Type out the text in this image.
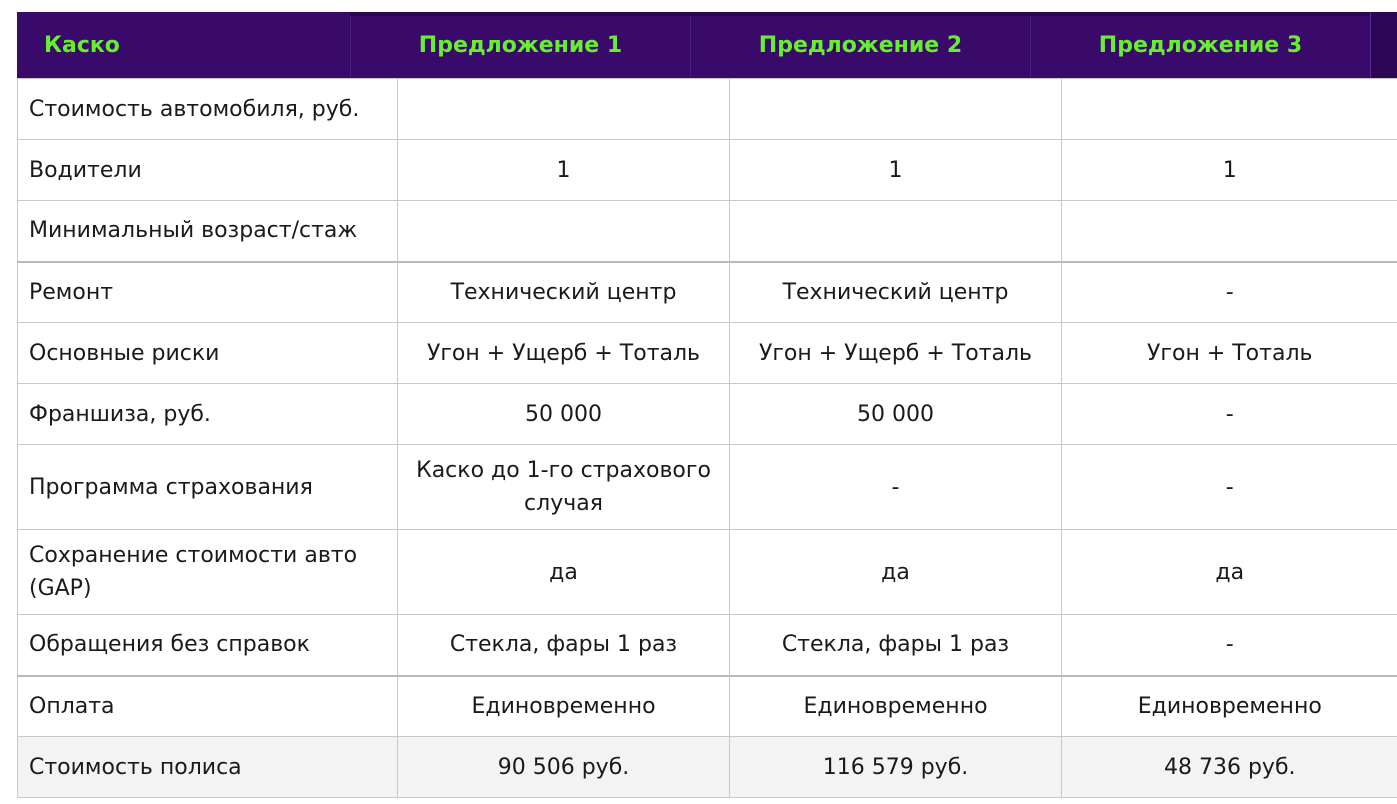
Каско	Предложение 1	Предложение 2	Предложение 3
Стоимость автомобиля, руб.			
Водители	1	1	1
Минимальный возраст/стаж			
Ремонт	Технический центр	Технический центр	-
Основные риски	Угон + Ущерб + Тоталь	Угон + Ущерб + Тоталь	Угон + Тоталь
Франшиза, руб.	50 000	50 000	-
Программа страхования	Каско до 1-го страхового случая	-	-
Сохранение стоимости авто (GAP)	да	да	да
Обращения без справок	Стекла, фары 1 раз	Стекла, фары 1 раз	-
Оплата	Единовременно	Единовременно	Единовременно
Стоимость полиса	90 506 руб.	116 579 руб.	48 736 руб.
